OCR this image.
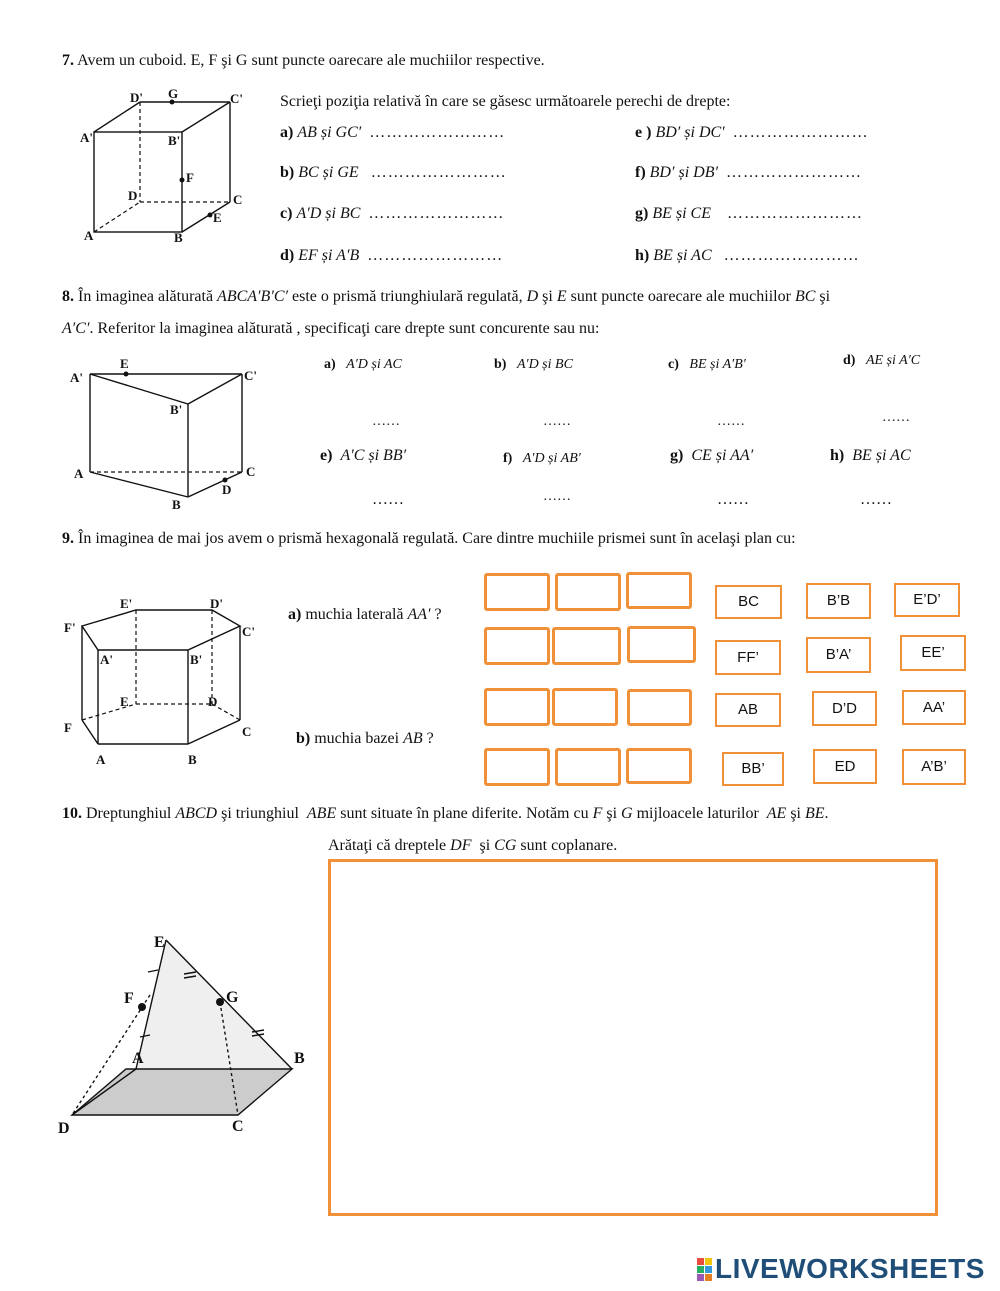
7. Avem un cuboid. E, F şi G sunt puncte oarecare ale muchiilor respective.
D' G	C'
A'	B'
F
D	C
E
A	B
Scrieţi poziţia relativă în care se găsesc următoarele perechi de drepte:
a) AB și GC′ ……………………
b) BC și GE ……………………
c) A′D și BC ……………………
d) EF și A′B ……………………
e ) BD′ și DC′ ……………………
f) BD′ și DB′ ……………………
g) BE și CE ……………………
h) BE și AC ……………………
8. În imaginea alăturată ABCA′B′C′ este o prismă triunghiulară regulată, D şi E sunt puncte oarecare ale muchiilor BC şi
A′C′. Referitor la imaginea alăturată , specificaţi care drepte sunt concurente sau nu:
E
A'	C'
B'
A	C
D
B
a) A′D și AC	b) A′D și BC	c) BE și A′B′	d) AE și A′C
……	……	……	……
e) A′C și BB′	f) A′D și AB′	g) CE și AA′	h) BE și AC
……	……	……	……
9. În imaginea de mai jos avem o prismă hexagonală regulată. Care dintre muchiile prismei sunt în acelaşi plan cu:
E'	D'
F'	C'
A'	B'
E	D
F	C
A	B
a) muchia laterală AA′ ?
b) muchia bazei AB ?
BC	B’B	E’D’
FF’	B’A’	EE’
AB	D’D	AA’
BB’	ED	A’B’
10. Dreptunghiul ABCD şi triunghiul ABE sunt situate în plane diferite. Notăm cu F şi G mijloacele laturilor AE şi BE.
Arătaţi că dreptele DF şi CG sunt coplanare.
E
F	G
A	B
D	C
LIVEWORKSHEETS
